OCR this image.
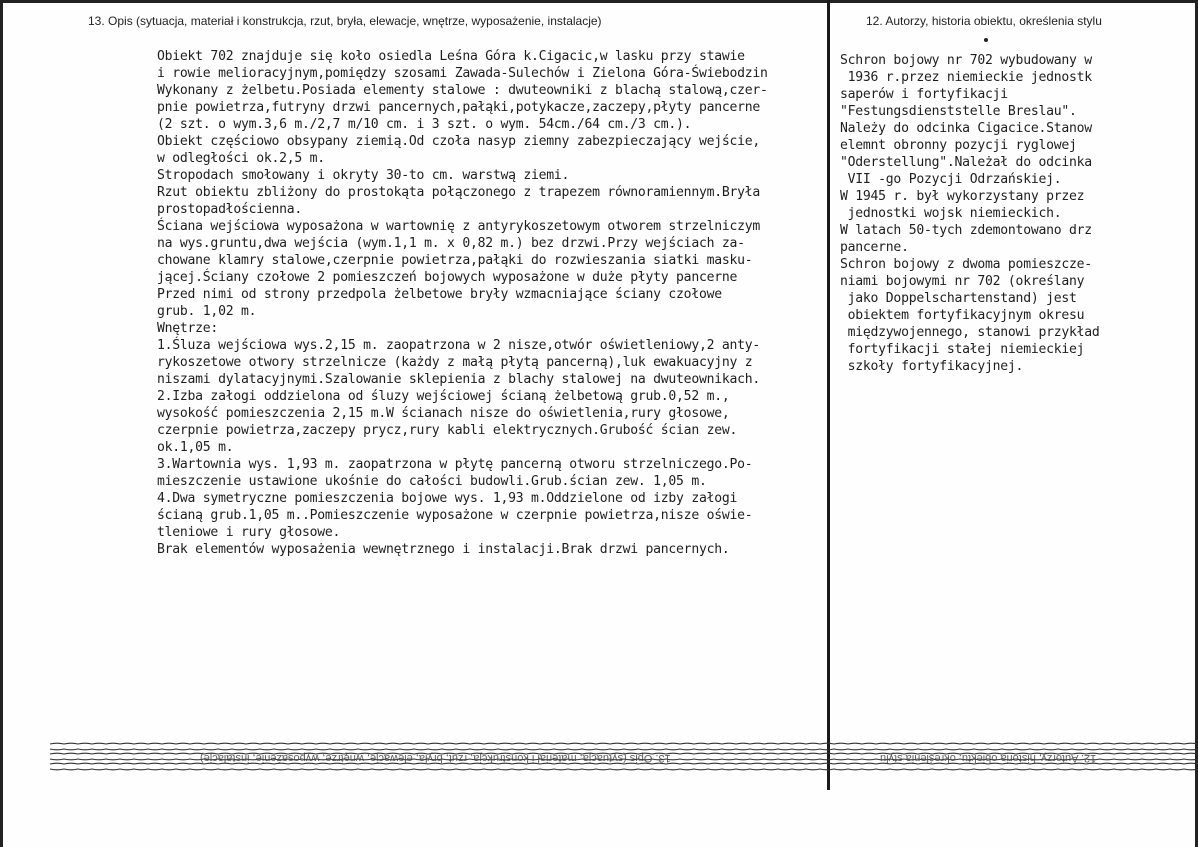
13. Opis (sytuacja, materiał i konstrukcja, rzut, bryła, elewacje, wnętrze, wyposażenie, instalacje)	12. Autorzy, historia obiektu, określenia stylu
Obiekt 702 znajduje się koło osiedla Leśna Góra k.Cigacic,w lasku przy stawie
i rowie melioracyjnym,pomiędzy szosami Zawada-Sulechów i Zielona Góra-Świebodzin
Wykonany z żelbetu.Posiada elementy stalowe : dwuteowniki z blachą stalową,czer-
pnie powietrza,futryny drzwi pancernych,pałąki,potykacze,zaczepy,płyty pancerne
(2 szt. o wym.3,6 m./2,7 m/10 cm. i 3 szt. o wym. 54cm./64 cm./3 cm.).
Obiekt częściowo obsypany ziemią.Od czoła nasyp ziemny zabezpieczający wejście,
w odległości ok.2,5 m.
Stropodach smołowany i okryty 30-to cm. warstwą ziemi.
Rzut obiektu zbliżony do prostokąta połączonego z trapezem równoramiennym.Bryła
prostopadłościenna.
Ściana wejściowa wyposażona w wartownię z antyrykoszetowym otworem strzelniczym
na wys.gruntu,dwa wejścia (wym.1,1 m. x 0,82 m.) bez drzwi.Przy wejściach za-
chowane klamry stalowe,czerpnie powietrza,pałąki do rozwieszania siatki masku-
jącej.Ściany czołowe 2 pomieszczeń bojowych wyposażone w duże płyty pancerne
Przed nimi od strony przedpola żelbetowe bryły wzmacniające ściany czołowe
grub. 1,02 m.
Wnętrze:
1.Śluza wejściowa wys.2,15 m. zaopatrzona w 2 nisze,otwór oświetleniowy,2 anty-
rykoszetowe otwory strzelnicze (każdy z małą płytą pancerną),luk ewakuacyjny z
niszami dylatacyjnymi.Szalowanie sklepienia z blachy stalowej na dwuteownikach.
2.Izba załogi oddzielona od śluzy wejściowej ścianą żelbetową grub.0,52 m.,
wysokość pomieszczenia 2,15 m.W ścianach nisze do oświetlenia,rury głosowe,
czerpnie powietrza,zaczepy prycz,rury kabli elektrycznych.Grubość ścian zew.
ok.1,05 m.
3.Wartownia wys. 1,93 m. zaopatrzona w płytę pancerną otworu strzelniczego.Po-
mieszczenie ustawione ukośnie do całości budowli.Grub.ścian zew. 1,05 m.
4.Dwa symetryczne pomieszczenia bojowe wys. 1,93 m.Oddzielone od izby załogi
ścianą grub.1,05 m..Pomieszczenie wyposażone w czerpnie powietrza,nisze oświe-
tleniowe i rury głosowe.
Brak elementów wyposażenia wewnętrznego i instalacji.Brak drzwi pancernych.

Schron bojowy nr 702 wybudowany w
1936 r.przez niemieckie jednostk
saperów i fortyfikacji
"Festungsdienststelle Breslau".
Należy do odcinka Cigacice.Stanow
elemnt obronny pozycji ryglowej
"Oderstellung".Należał do odcinka
VII -go Pozycji Odrzańskiej.
W 1945 r. był wykorzystany przez
jednostki wojsk niemieckich.
W latach 50-tych zdemontowano drz
pancerne.
Schron bojowy z dwoma pomieszcze-
niami bojowymi nr 702 (określany
jako Doppelschartenstand) jest
obiektem fortyfikacyjnym okresu
międzywojennego, stanowi przykład
fortyfikacji stałej niemieckiej
szkoły fortyfikacyjnej.

13. Opis (sytuacja, materiał i konstrukcja, rzut, bryła, elewacje, wnętrze, wyposażenie, instalacje)	12. Autorzy, historia obiektu, określenia stylu
